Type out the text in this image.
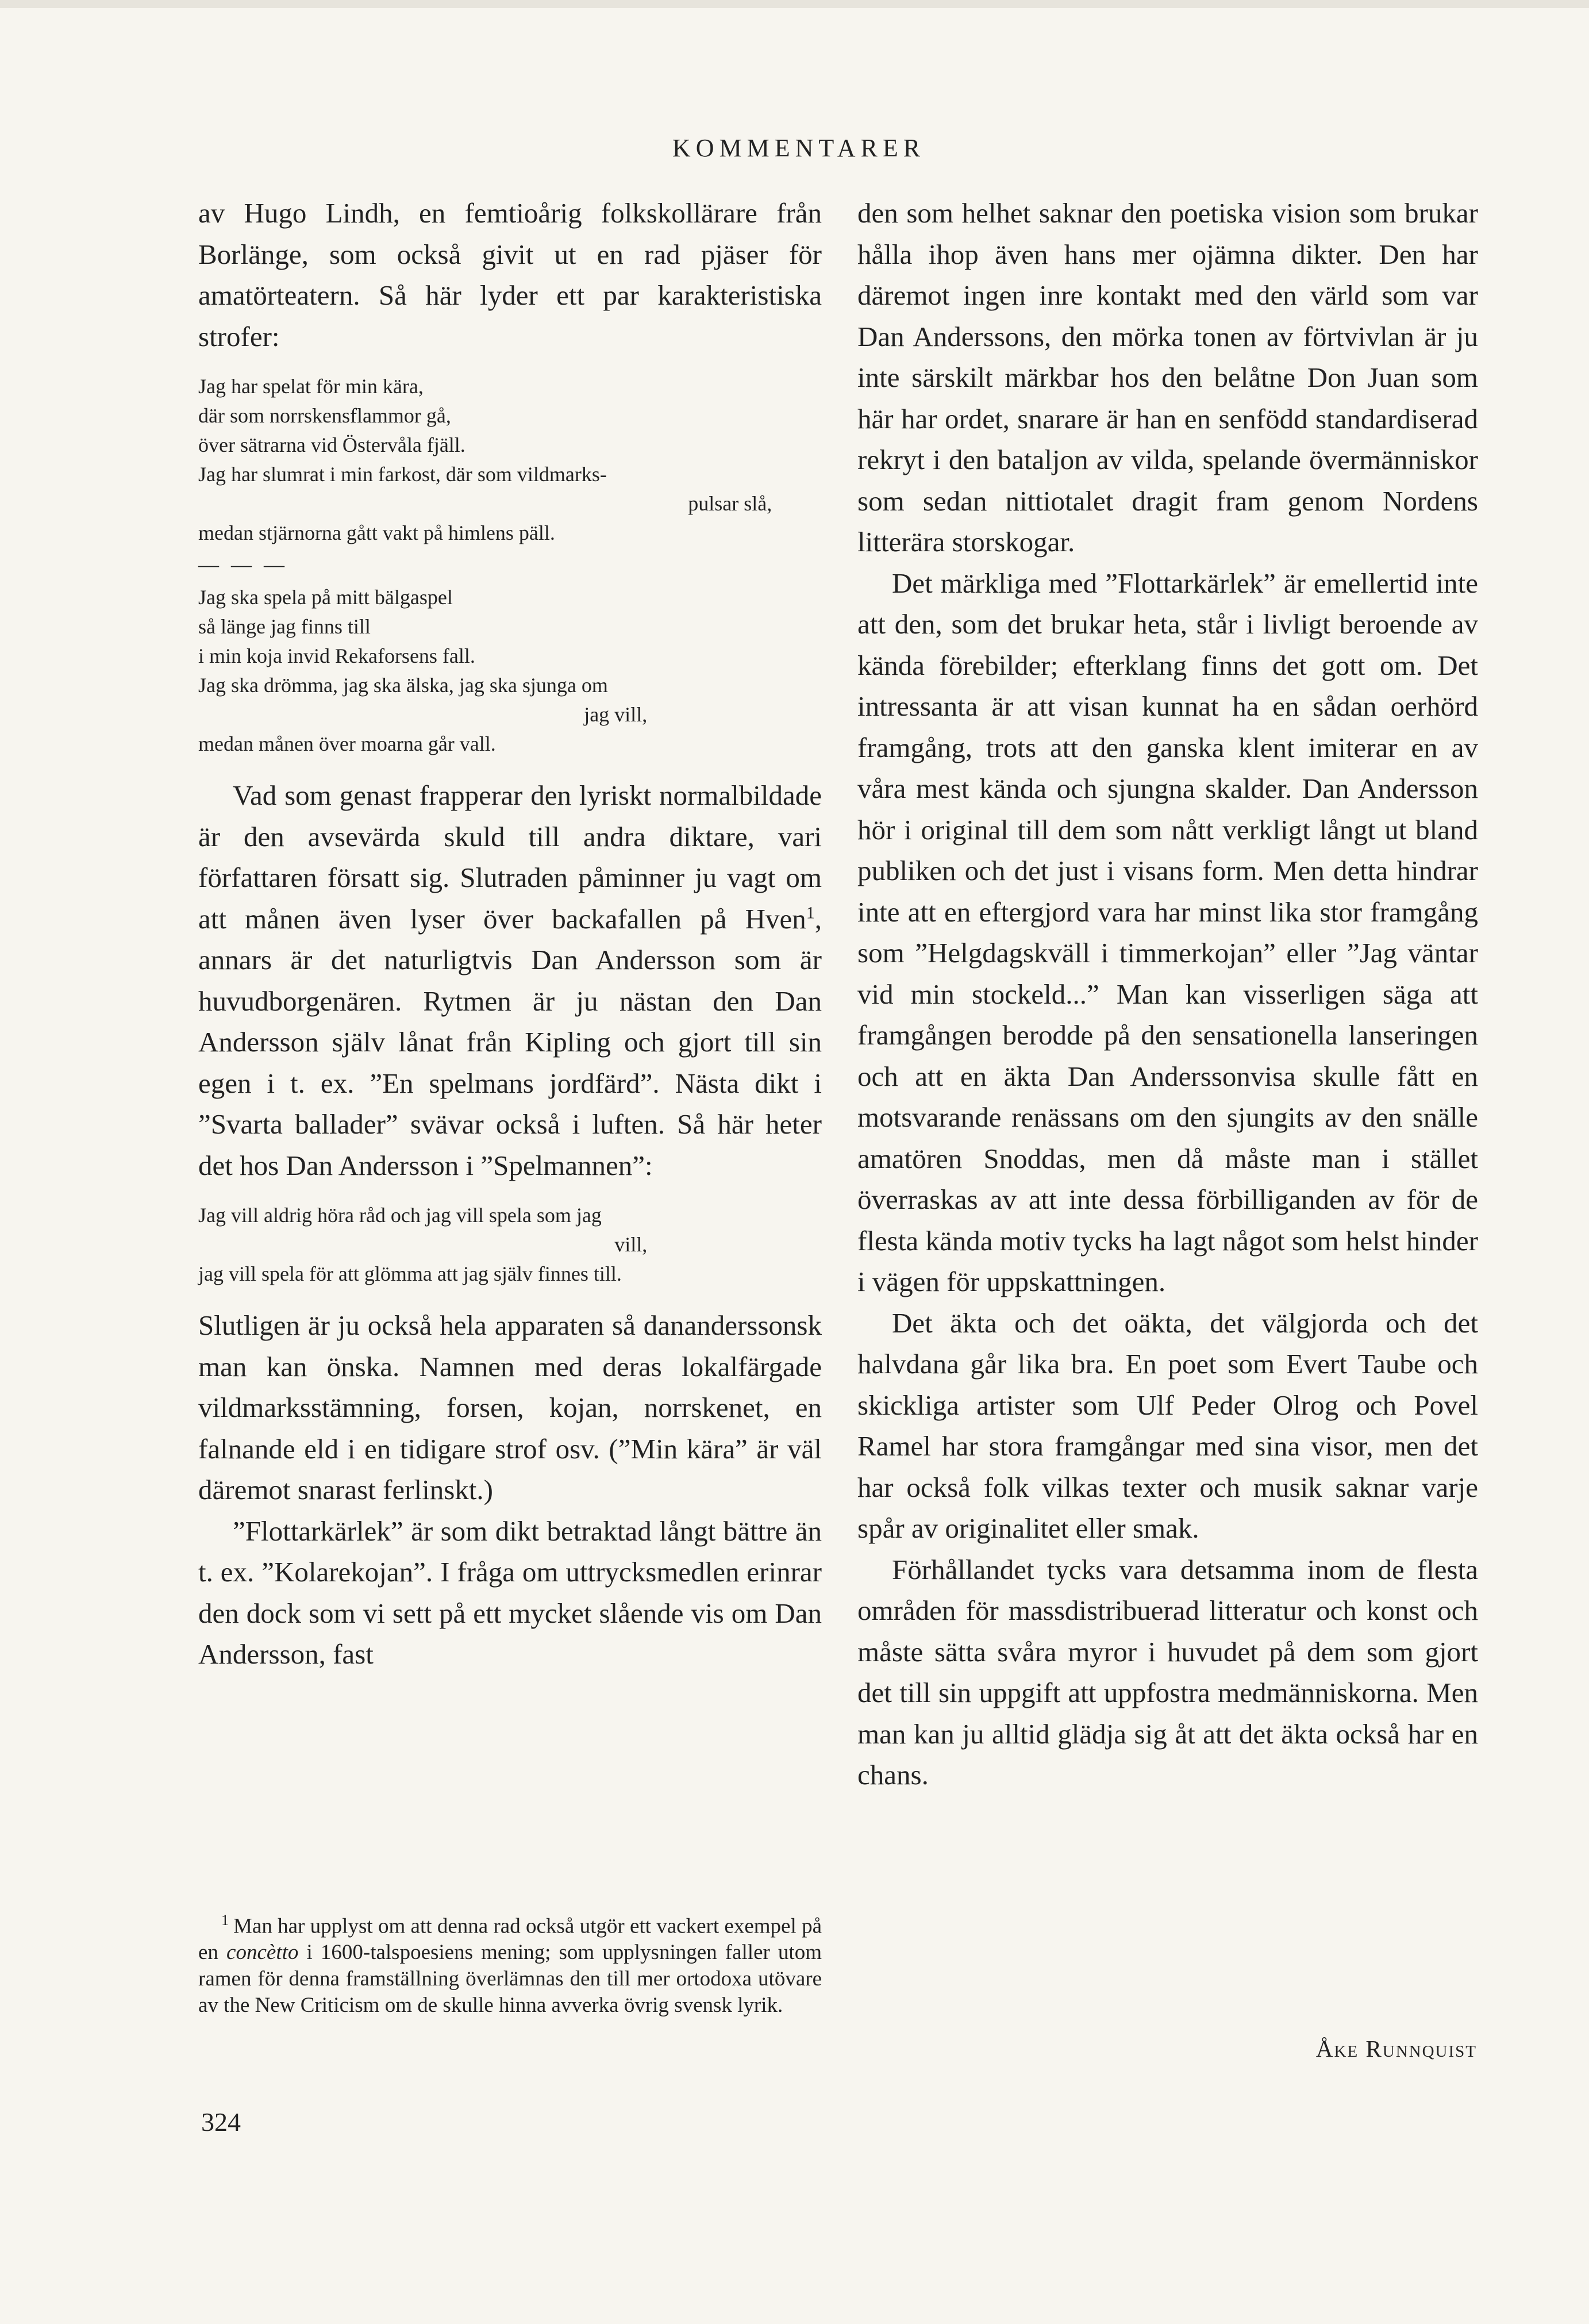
KOMMENTARER

av Hugo Lindh, en femtioårig folkskollärare från Borlänge, som också givit ut en rad pjäser för amatörteatern. Så här lyder ett par karakteristiska strofer:

Jag har spelat för min kära,
där som norrskensflammor gå,
över sätrarna vid Östervåla fjäll.
Jag har slumrat i min farkost, där som vildmarks-
pulsar slå,
medan stjärnorna gått vakt på himlens päll.
— — —
Jag ska spela på mitt bälgaspel
så länge jag finns till
i min koja invid Rekaforsens fall.
Jag ska drömma, jag ska älska, jag ska sjunga om
jag vill,
medan månen över moarna går vall.

Vad som genast frapperar den lyriskt normalbildade är den avsevärda skuld till andra diktare, vari författaren försatt sig. Slutraden påminner ju vagt om att månen även lyser över backafallen på Hven$^1$, annars är det naturligtvis Dan Andersson som är huvudborgenären. Rytmen är ju nästan den Dan Andersson själv lånat från Kipling och gjort till sin egen i t. ex. ”En spelmans jordfärd”. Nästa dikt i ”Svarta ballader” svävar också i luften. Så här heter det hos Dan Andersson i ”Spelmannen”:

Jag vill aldrig höra råd och jag vill spela som jag
vill,
jag vill spela för att glömma att jag själv finnes till.

Slutligen är ju också hela apparaten så dananderssonsk man kan önska. Namnen med deras lokalfärgade vildmarksstämning, forsen, kojan, norrskenet, en falnande eld i en tidigare strof osv. (”Min kära” är väl däremot snarast ferlinskt.)

”Flottarkärlek” är som dikt betraktad långt bättre än t. ex. ”Kolarekojan”. I fråga om uttrycksmedlen erinrar den dock som vi sett på ett mycket slående vis om Dan Andersson, fast

$^1$ Man har upplyst om att denna rad också utgör ett vackert exempel på en concètto i 1600-talspoesiens mening; som upplysningen faller utom ramen för denna framställning överlämnas den till mer ortodoxa utövare av the New Criticism om de skulle hinna avverka övrig svensk lyrik.
324

den som helhet saknar den poetiska vision som brukar hålla ihop även hans mer ojämna dikter. Den har däremot ingen inre kontakt med den värld som var Dan Anderssons, den mörka tonen av förtvivlan är ju inte särskilt märkbar hos den belåtne Don Juan som här har ordet, snarare är han en senfödd standardiserad rekryt i den bataljon av vilda, spelande övermänniskor som sedan nittiotalet dragit fram genom Nordens litterära storskogar.

Det märkliga med ”Flottarkärlek” är emellertid inte att den, som det brukar heta, står i livligt beroende av kända förebilder; efterklang finns det gott om. Det intressanta är att visan kunnat ha en sådan oerhörd framgång, trots att den ganska klent imiterar en av våra mest kända och sjungna skalder. Dan Andersson hör i original till dem som nått verkligt långt ut bland publiken och det just i visans form. Men detta hindrar inte att en eftergjord vara har minst lika stor framgång som ”Helgdagskväll i timmerkojan” eller ”Jag väntar vid min stockeld...” Man kan visserligen säga att framgången berodde på den sensationella lanseringen och att en äkta Dan Anderssonvisa skulle fått en motsvarande renässans om den sjungits av den snälle amatören Snoddas, men då måste man i stället överraskas av att inte dessa förbilliganden av för de flesta kända motiv tycks ha lagt något som helst hinder i vägen för uppskattningen.

Det äkta och det oäkta, det välgjorda och det halvdana går lika bra. En poet som Evert Taube och skickliga artister som Ulf Peder Olrog och Povel Ramel har stora framgångar med sina visor, men det har också folk vilkas texter och musik saknar varje spår av originalitet eller smak.

Förhållandet tycks vara detsamma inom de flesta områden för massdistribuerad litteratur och konst och måste sätta svåra myror i huvudet på dem som gjort det till sin uppgift att uppfostra medmänniskorna. Men man kan ju alltid glädja sig åt att det äkta också har en chans.

Åke Runnquist
